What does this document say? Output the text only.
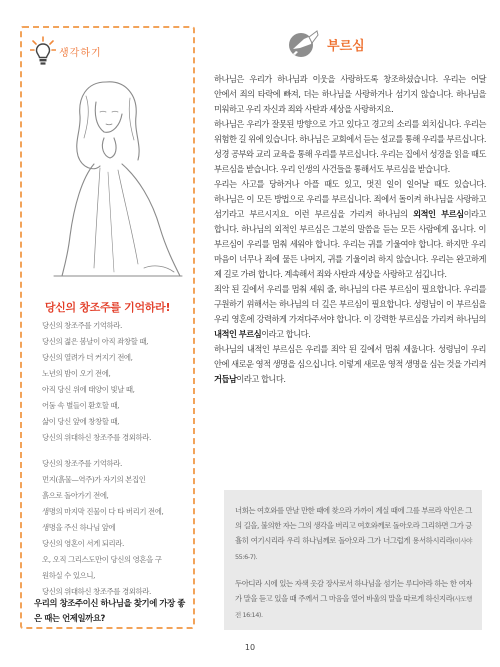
생각하기
당신의 창조주를 기억하라!
당신의 창조주를 기억하라.
당신의 젊은 봄날이 아직 좌창할 때,
당신의 열려가 더 커지기 전에,
노년의 밤이 오기 전에,
아직 당신 위에 태양이 빛날 때,
어둠 속 별들이 환호할 때,
삶이 당신 앞에 창창할 때,
당신의 위대하신 창조주를 경외하라.
당신의 창조주를 기억하라.
먼지(흙물—역주)가 자기의 본집인
흙으로 돌아가기 전에,
생명의 마지막 진물이 다 타 버리기 전에,
생명을 주신 하나님 앞에
당신의 영혼이 서게 되리라.
오, 오직 그리스도만이 당신의 영혼을 구
원하실 수 있으니,
당신의 위대하신 창조주를 경외하라.
우리의 창조주이신 하나님을 찾기에 가장 좋은 때는 언제일까요?
부르심

하나님은 우리가 하나님과 이웃을 사랑하도록 창조하셨습니다. 우리는 어달 안에서 죄의 타락에 빠져, 더는 하나님을 사랑하거나 섬기지 않습니다. 하나님을 미워하고 우리 자신과 죄와 사탄과 세상을 사랑하지요.

하나님은 우리가 잘못된 방향으로 가고 있다고 경고의 소리를 외치십니다. 우리는 위험한 길 위에 있습니다. 하나님은 교회에서 듣는 설교를 통해 우리를 부르십니다. 성경 공부와 교리 교육을 통해 우리를 부르십니다. 우리는 집에서 성경을 읽을 때도 부르심을 받습니다. 우리 인생의 사건들을 통해서도 부르심을 받습니다.

우리는 사고를 당하거나 아플 때도 있고, 멋진 일이 일어날 때도 있습니다. 하나님은 이 모든 방법으로 우리를 부르십니다. 죄에서 돌이켜 하나님을 사랑하고 섬기라고 부르시지요. 이런 부르심을 가리켜 하나님의 외적인 부르심이라고 합니다. 하나님의 외적인 부르심은 그분의 말씀을 듣는 모든 사람에게 옵니다. 이 부르심이 우리를 멈춰 세워야 합니다. 우리는 귀를 기울여야 합니다. 하지만 우리 마음이 너무나 죄에 물든 나머지, 귀를 기울이려 하지 않습니다. 우리는 완고하게 제 길로 가려 합니다. 계속해서 죄와 사탄과 세상을 사랑하고 섬깁니다.

죄악 된 길에서 우리를 멈춰 세워 줄, 하나님의 다른 부르심이 필요합니다. 우리를 구원하기 위해서는 하나님의 더 깊은 부르심이 필요합니다. 성령님이 이 부르심을 우리 영혼에 강력하게 가져다주셔야 합니다. 이 강력한 부르심을 가리켜 하나님의 내적인 부르심이라고 합니다.

하나님의 내적인 부르심은 우리를 죄악 된 길에서 멈춰 세웁니다. 성령님이 우리 안에 새로운 영적 생명을 심으십니다. 이렇게 새로운 영적 생명을 심는 것을 가리켜 거듭남이라고 합니다.

너희는 여호와를 만날 만한 때에 찾으라 가까이 계실 때에 그를 부르라 악인은 그의 길을, 불의한 자는 그의 생각을 버리고 여호와께로 돌아오라 그리하면 그가 긍휼히 여기시리라 우리 하나님께로 돌아오라 그가 너그럽게 용서하시리라(이사야 55:6-7).

두아디라 시에 있는 자색 옷감 장사로서 하나님을 섬기는 루디아라 하는 한 여자가 말을 듣고 있을 때 주께서 그 마음을 열어 바울의 말을 따르게 하신지라(사도행전 16:14).

10
